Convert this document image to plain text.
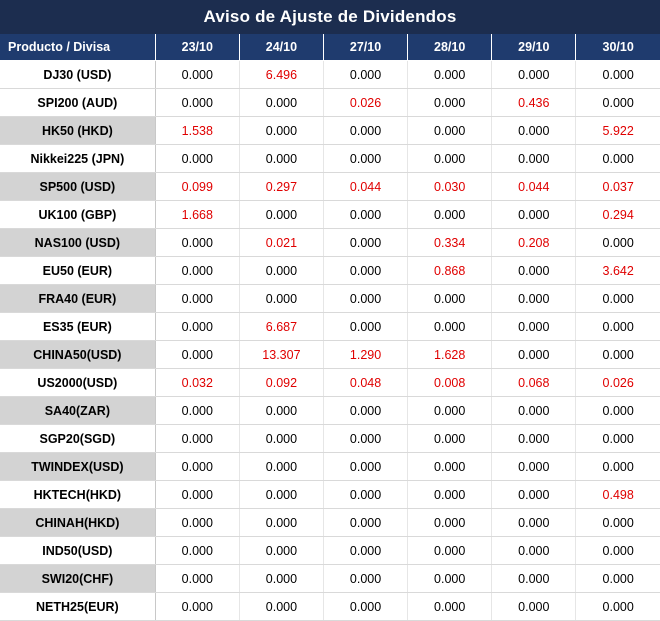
Aviso de Ajuste de Dividendos
Producto / Divisa	23/10	24/10	27/10	28/10	29/10	30/10
DJ30 (USD)	0.000	6.496	0.000	0.000	0.000	0.000
SPI200 (AUD)	0.000	0.000	0.026	0.000	0.436	0.000
HK50 (HKD)	1.538	0.000	0.000	0.000	0.000	5.922
Nikkei225 (JPN)	0.000	0.000	0.000	0.000	0.000	0.000
SP500 (USD)	0.099	0.297	0.044	0.030	0.044	0.037
UK100 (GBP)	1.668	0.000	0.000	0.000	0.000	0.294
NAS100 (USD)	0.000	0.021	0.000	0.334	0.208	0.000
EU50 (EUR)	0.000	0.000	0.000	0.868	0.000	3.642
FRA40 (EUR)	0.000	0.000	0.000	0.000	0.000	0.000
ES35 (EUR)	0.000	6.687	0.000	0.000	0.000	0.000
CHINA50(USD)	0.000	13.307	1.290	1.628	0.000	0.000
US2000(USD)	0.032	0.092	0.048	0.008	0.068	0.026
SA40(ZAR)	0.000	0.000	0.000	0.000	0.000	0.000
SGP20(SGD)	0.000	0.000	0.000	0.000	0.000	0.000
TWINDEX(USD)	0.000	0.000	0.000	0.000	0.000	0.000
HKTECH(HKD)	0.000	0.000	0.000	0.000	0.000	0.498
CHINAH(HKD)	0.000	0.000	0.000	0.000	0.000	0.000
IND50(USD)	0.000	0.000	0.000	0.000	0.000	0.000
SWI20(CHF)	0.000	0.000	0.000	0.000	0.000	0.000
NETH25(EUR)	0.000	0.000	0.000	0.000	0.000	0.000
